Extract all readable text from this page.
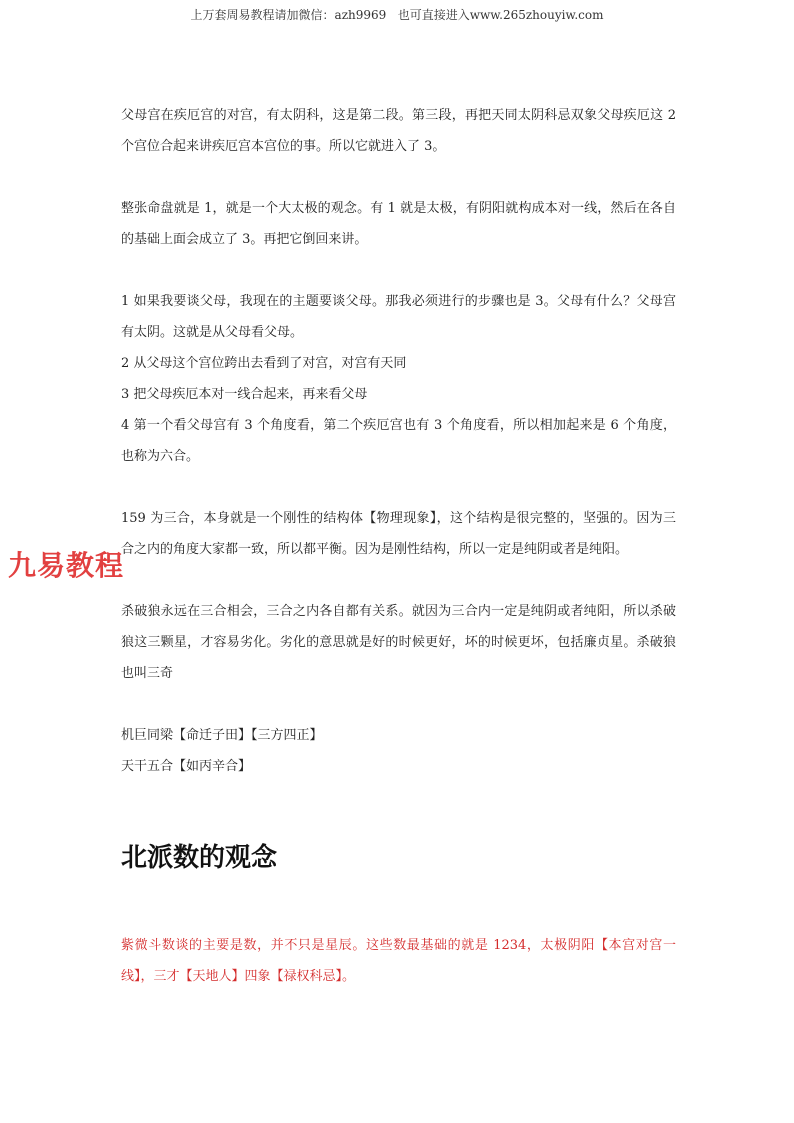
上万套周易教程请加微信：azh9969   也可直接进入www.265zhouyiw.com
九易教程

父母宫在疾厄宫的对宫，有太阴科，这是第二段。第三段，再把天同太阴科忌双象父母疾厄这 2 个宫位合起来讲疾厄宫本宫位的事。所以它就进入了 3。

整张命盘就是 1，就是一个大太极的观念。有 1 就是太极，有阴阳就构成本对一线，然后在各自的基础上面会成立了 3。再把它倒回来讲。

1 如果我要谈父母，我现在的主题要谈父母。那我必须进行的步骤也是 3。父母有什么？父母宫有太阴。这就是从父母看父母。

2 从父母这个宫位跨出去看到了对宫，对宫有天同

3 把父母疾厄本对一线合起来，再来看父母

4 第一个看父母宫有 3 个角度看，第二个疾厄宫也有 3 个角度看，所以相加起来是 6 个角度，也称为六合。

159 为三合，本身就是一个刚性的结构体【物理现象】，这个结构是很完整的，坚强的。因为三合之内的角度大家都一致，所以都平衡。因为是刚性结构，所以一定是纯阴或者是纯阳。

杀破狼永远在三合相会，三合之内各自都有关系。就因为三合内一定是纯阴或者纯阳，所以杀破狼这三颗星，才容易劣化。劣化的意思就是好的时候更好，坏的时候更坏，包括廉贞星。杀破狼也叫三奇

机巨同梁【命迁子田】【三方四正】

天干五合【如丙辛合】

北派数的观念

紫微斗数谈的主要是数，并不只是星辰。这些数最基础的就是 1234，太极阴阳【本宫对宫一线】，三才【天地人】四象【禄权科忌】。
